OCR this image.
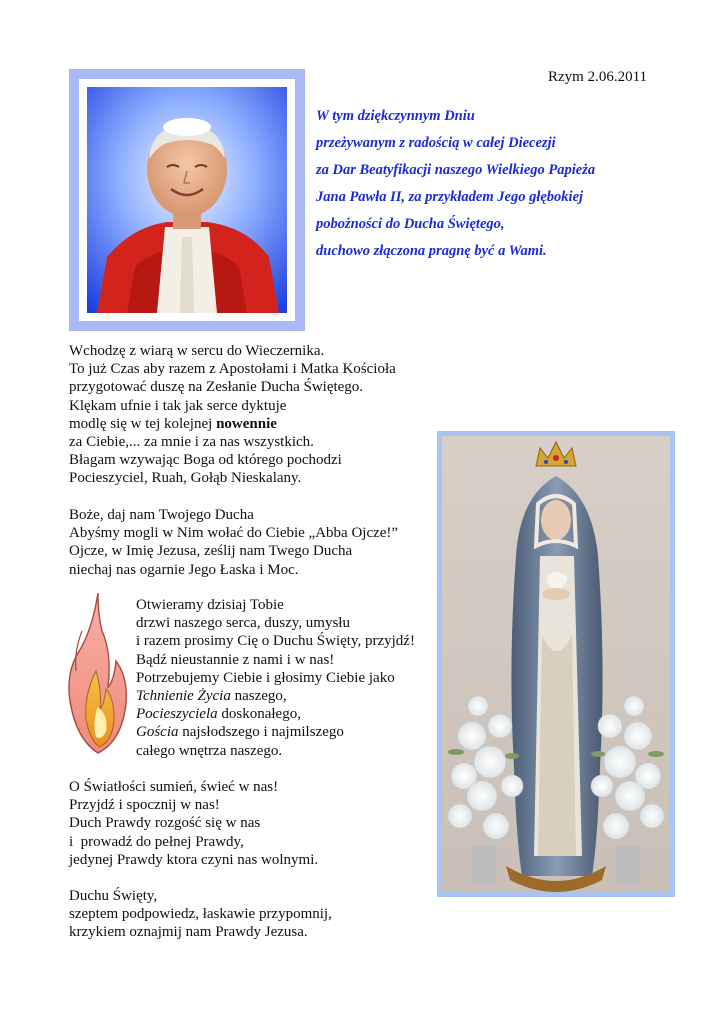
Rzym 2.06.2011
W tym dziękczynnym Dniu
przeżywanym z radością w całej Diecezji
za Dar Beatyfikacji naszego Wielkiego Papieża
Jana Pawła II, za przykładem Jego głębokiej
pobożności do Ducha Świętego,
duchowo złączona pragnę być a Wami.
Wchodzę z wiarą w sercu do Wieczernika.
To już Czas aby razem z Apostołami i Matka Kościoła
przygotować duszę na Zesłanie Ducha Świętego.
Klękam ufnie i tak jak serce dyktuje
modlę się w tej kolejnej nowennie
za Ciebie,... za mnie i za nas wszystkich.
Błagam wzywając Boga od którego pochodzi
Pocieszyciel, Ruah, Gołąb Nieskalany.
Boże, daj nam Twojego Ducha
Abyśmy mogli w Nim wołać do Ciebie „Abba Ojcze!”
Ojcze, w Imię Jezusa, ześlij nam Twego Ducha
niechaj nas ogarnie Jego Łaska i Moc.
Otwieramy dzisiaj Tobie
drzwi naszego serca, duszy, umysłu
i razem prosimy Cię o Duchu Święty, przyjdź!
Bądź nieustannie z nami i w nas!
Potrzebujemy Ciebie i głosimy Ciebie jako
Tchnienie Życia naszego,
Pocieszyciela doskonałego,
Gościa najsłodszego i najmilszego
całego wnętrza naszego.
O Światłości sumień, świeć w nas!
Przyjdź i spocznij w nas!
Duch Prawdy rozgość się w nas
i  prowadź do pełnej Prawdy,
jedynej Prawdy ktora czyni nas wolnymi.
Duchu Święty,
szeptem podpowiedz, łaskawie przypomnij,
krzykiem oznajmij nam Prawdy Jezusa.
